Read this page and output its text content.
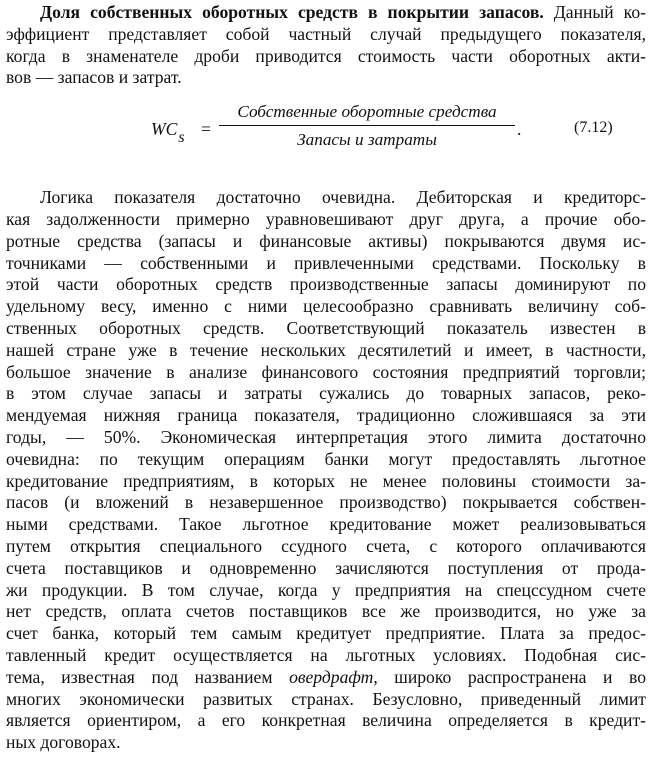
Доля собственных оборотных средств в покрытии запасов. Данный ко-
эффициент представляет собой частный случай предыдущего показателя,
когда в знаменателе дроби приводится стоимость части оборотных акти-
вов — запасов и затрат.
WCs =
Собственные оборотные средства
Запасы и затраты
.	(7.12)
Логика показателя достаточно очевидна. Дебиторская и кредиторс-
кая задолженности примерно уравновешивают друг друга, а прочие обо-
ротные средства (запасы и финансовые активы) покрываются двумя ис-
точниками — собственными и привлеченными средствами. Поскольку в
этой части оборотных средств производственные запасы доминируют по
удельному весу, именно с ними целесообразно сравнивать величину соб-
ственных оборотных средств. Соответствующий показатель известен в
нашей стране уже в течение нескольких десятилетий и имеет, в частности,
большое значение в анализе финансового состояния предприятий торговли;
в этом случае запасы и затраты сужались до товарных запасов, реко-
мендуемая нижняя граница показателя, традиционно сложившаяся за эти
годы, — 50%. Экономическая интерпретация этого лимита достаточно
очевидна: по текущим операциям банки могут предоставлять льготное
кредитование предприятиям, в которых не менее половины стоимости за-
пасов (и вложений в незавершенное производство) покрывается собствен-
ными средствами. Такое льготное кредитование может реализовываться
путем открытия специального ссудного счета, с которого оплачиваются
счета поставщиков и одновременно зачисляются поступления от прода-
жи продукции. В том случае, когда у предприятия на спецссудном счете
нет средств, оплата счетов поставщиков все же производится, но уже за
счет банка, который тем самым кредитует предприятие. Плата за предос-
тавленный кредит осуществляется на льготных условиях. Подобная сис-
тема, известная под названием овердрафт, широко распространена и во
многих экономически развитых странах. Безусловно, приведенный лимит
является ориентиром, а его конкретная величина определяется в кредит-
ных договорах.
